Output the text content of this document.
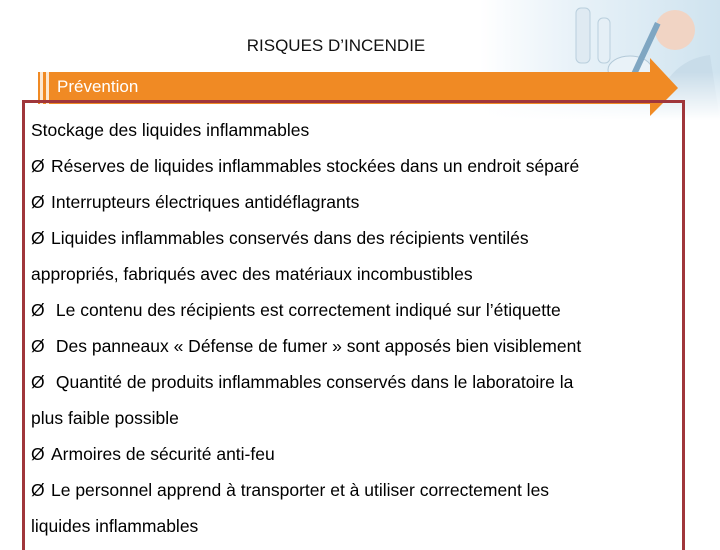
RISQUES D’INCENDIE
Prévention
Stockage des liquides inflammables
Ø Réserves de liquides inflammables stockées dans un endroit séparé
Ø Interrupteurs électriques antidéflagrants
Ø Liquides inflammables conservés dans des récipients ventilés
appropriés, fabriqués avec des matériaux incombustibles
Ø Le contenu des récipients est correctement indiqué sur l’étiquette
Ø Des panneaux « Défense de fumer » sont apposés bien visiblement
Ø Quantité de produits inflammables conservés dans le laboratoire la
plus faible possible
Ø Armoires de sécurité anti-feu
Ø Le personnel apprend à transporter et à utiliser correctement les
liquides inflammables
